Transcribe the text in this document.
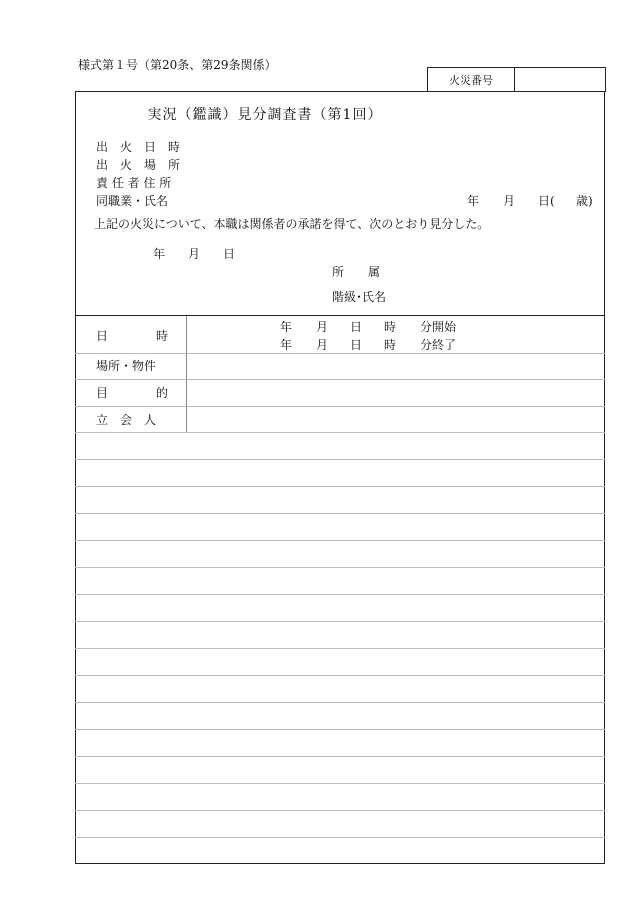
様式第１号（第20条、第29条関係）
火災番号
実況（鑑識）見分調査書（第1回）
出　火　日　時
出　火　場　所
責 任 者 住 所
同職業・氏名	年 月 日( 歳)
上記の火災について、本職は関係者の承諾を得て、次のとおり見分した。
年 月 日
所　　属
階級･氏名
日　　　　時
年 月 日 時 分開始
年 月 日 時 分終了
場所・物件
目　　　　的
立　会　人
